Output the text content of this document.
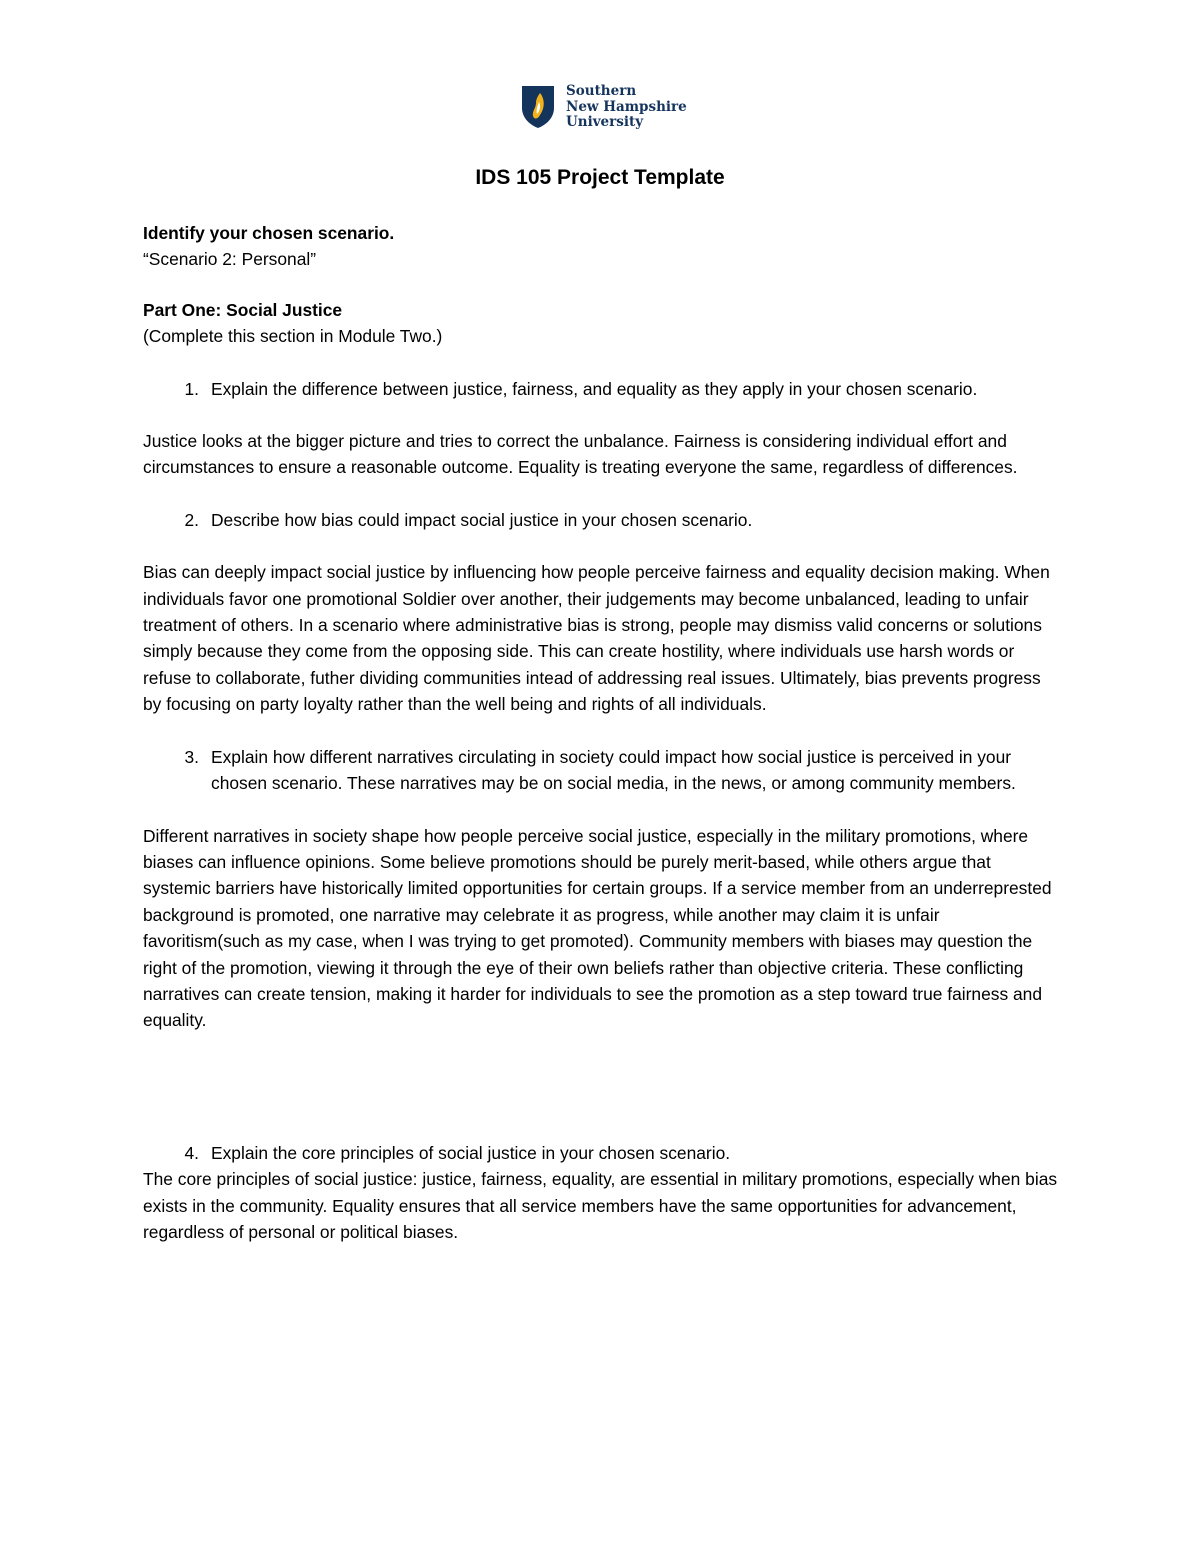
Southern
New Hampshire
University
IDS 105 Project Template

Identify your chosen scenario.

“Scenario 2: Personal”

Part One: Social Justice

(Complete this section in Module Two.)

1. Explain the difference between justice, fairness, and equality as they apply in your chosen scenario.

Justice looks at the bigger picture and tries to correct the unbalance. Fairness is considering individual effort and circumstances to ensure a reasonable outcome. Equality is treating everyone the same, regardless of differences.

2. Describe how bias could impact social justice in your chosen scenario.

Bias can deeply impact social justice by influencing how people perceive fairness and equality decision making. When individuals favor one promotional Soldier over another, their judgements may become unbalanced, leading to unfair treatment of others. In a scenario where administrative bias is strong, people may dismiss valid concerns or solutions simply because they come from the opposing side. This can create hostility, where individuals use harsh words or refuse to collaborate, futher dividing communities intead of addressing real issues. Ultimately, bias prevents progress by focusing on party loyalty rather than the well being and rights of all individuals.

3. Explain how different narratives circulating in society could impact how social justice is perceived in your chosen scenario. These narratives may be on social media, in the news, or among community members.

Different narratives in society shape how people perceive social justice, especially in the military promotions, where biases can influence opinions. Some believe promotions should be purely merit-based, while others argue that systemic barriers have historically limited opportunities for certain groups. If a service member from an underreprested background is promoted, one narrative may celebrate it as progress, while another may claim it is unfair favoritism(such as my case, when I was trying to get promoted). Community members with biases may question the right of the promotion, viewing it through the eye of their own beliefs rather than objective criteria. These conflicting narratives can create tension, making it harder for individuals to see the promotion as a step toward true fairness and equality.

4. Explain the core principles of social justice in your chosen scenario.

The core principles of social justice: justice, fairness, equality, are essential in military promotions, especially when bias exists in the community. Equality ensures that all service members have the same opportunities for advancement, regardless of personal or political biases.
